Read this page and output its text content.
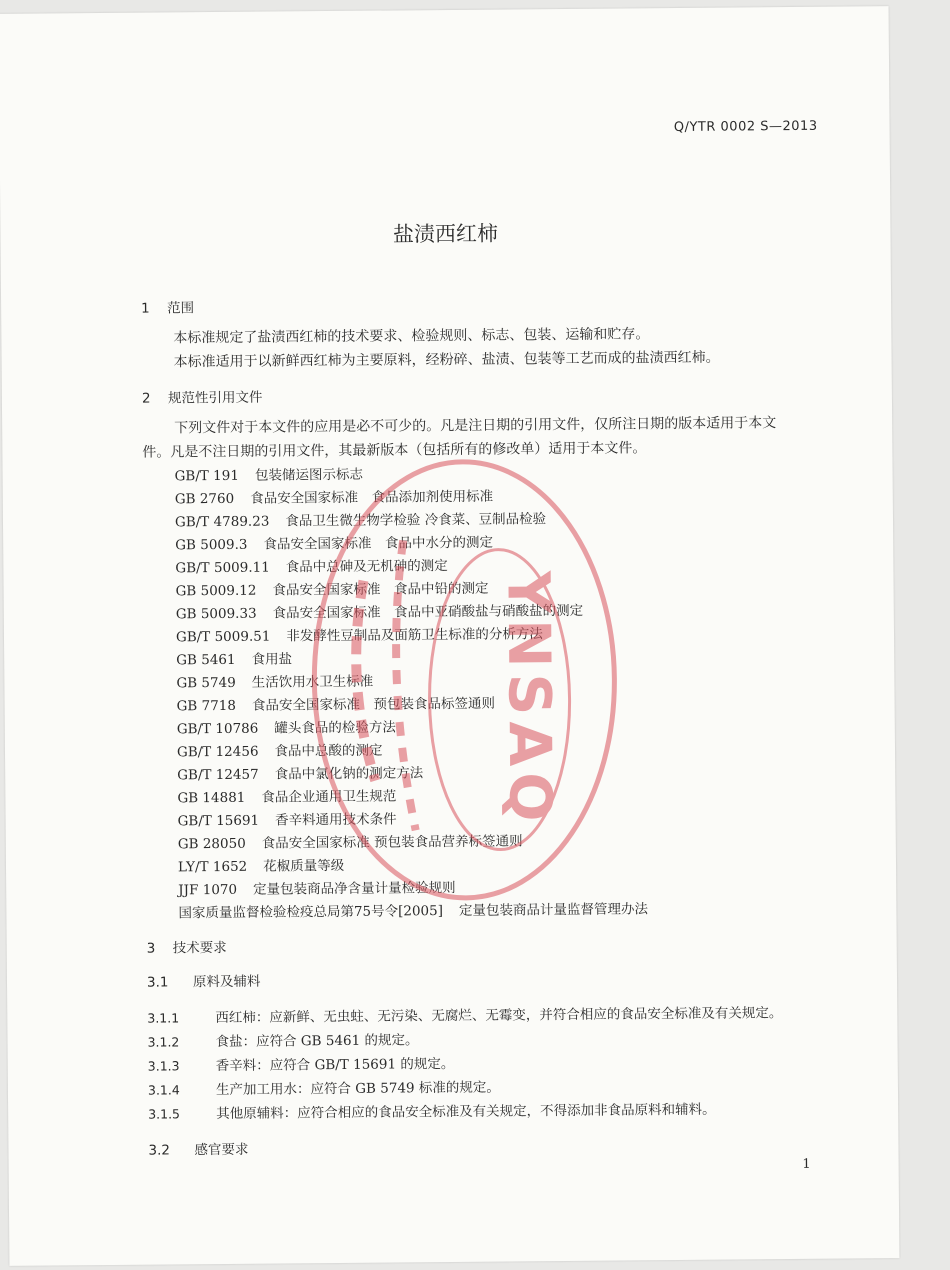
Q/YTR 0002 S—2013
盐渍西红柿
1 范围
本标准规定了盐渍西红柿的技术要求、检验规则、标志、包装、运输和贮存。
本标准适用于以新鲜西红柿为主要原料，经粉碎、盐渍、包装等工艺而成的盐渍西红柿。
2 规范性引用文件
下列文件对于本文件的应用是必不可少的。凡是注日期的引用文件，仅所注日期的版本适用于本文
件。凡是不注日期的引用文件，其最新版本（包括所有的修改单）适用于本文件。
GB/T 191 包装储运图示标志
GB 2760 食品安全国家标准　食品添加剂使用标准
GB/T 4789.23 食品卫生微生物学检验 冷食菜、豆制品检验
GB 5009.3 食品安全国家标准　食品中水分的测定
GB/T 5009.11 食品中总砷及无机砷的测定
GB 5009.12 食品安全国家标准　食品中铅的测定
GB 5009.33 食品安全国家标准　食品中亚硝酸盐与硝酸盐的测定
GB/T 5009.51 非发酵性豆制品及面筋卫生标准的分析方法
GB 5461 食用盐
GB 5749 生活饮用水卫生标准
GB 7718 食品安全国家标准　预包装食品标签通则
GB/T 10786 罐头食品的检验方法
GB/T 12456 食品中总酸的测定
GB/T 12457 食品中氯化钠的测定方法
GB 14881 食品企业通用卫生规范
GB/T 15691 香辛料通用技术条件
GB 28050 食品安全国家标准 预包装食品营养标签通则
LY/T 1652 花椒质量等级
JJF 1070 定量包装商品净含量计量检验规则
国家质量监督检验检疫总局第75号令[2005] 定量包装商品计量监督管理办法
3 技术要求
3.1 原料及辅料
3.1.1	西红柿：应新鲜、无虫蛀、无污染、无腐烂、无霉变，并符合相应的食品安全标准及有关规定。
3.1.2	食盐：应符合 GB 5461 的规定。
3.1.3	香辛料：应符合 GB/T 15691 的规定。
3.1.4	生产加工用水：应符合 GB 5749 标准的规定。
3.1.5	其他原辅料：应符合相应的食品安全标准及有关规定，不得添加非食品原料和辅料。
3.2 感官要求
1
YNSAQ
